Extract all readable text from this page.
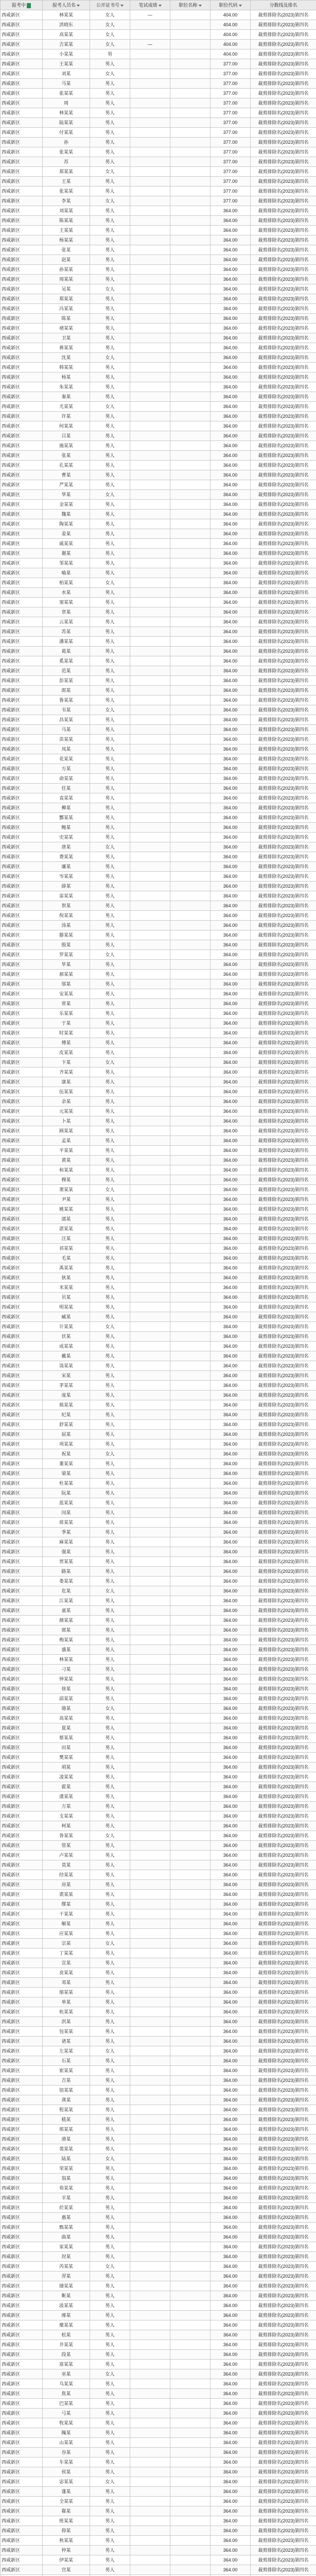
报考中	报考人员名	公开证书号	笔试成绩	职位名称	职位代码	分数线及排名
西咸新区	林某某	女人	—		404.00	裁剪排除名(2023)第四名
西咸新区	洪晓东	女人			404.00	裁剪排除名(2023)第四名
西咸新区	高某某	女人			404.00	裁剪排除名(2023)第四名
西咸新区	吉某某	女人	—		404.00	裁剪排除名(2023)第四名
西咸新区	小某某	男			404.00	裁剪排除名(2023)第四名
西咸新区	王某某	男人			377.00	裁剪排除名(2023)第四名
西咸新区	刘某	女人			377.00	裁剪排除名(2023)第四名
西咸新区	马某	男人			377.00	裁剪排除名(2023)第四名
西咸新区	张某某	男人			377.00	裁剪排除名(2023)第四名
西咸新区	周	男人			377.00	裁剪排除名(2023)第四名
西咸新区	林某某	男人			377.00	裁剪排除名(2023)第四名
西咸新区	陆某某	男人			377.00	裁剪排除名(2023)第四名
西咸新区	付某某	男人			377.00	裁剪排除名(2023)第四名
西咸新区	孙	男人			377.00	裁剪排除名(2023)第四名
西咸新区	张某某	男人			377.00	裁剪排除名(2023)第四名
西咸新区	苏	男人			377.00	裁剪排除名(2023)第四名
西咸新区	郑某某	女人			377.00	裁剪排除名(2023)第四名
西咸新区	王某	男人			377.00	裁剪排除名(2023)第四名
西咸新区	张某某	男人			377.00	裁剪排除名(2023)第四名
西咸新区	李某	女人			377.00	裁剪排除名(2023)第四名
西咸新区	刘某某	男人			364.00	裁剪排除名(2023)第四名
西咸新区	陈某某	男人			364.00	裁剪排除名(2023)第四名
西咸新区	王某某	男人			364.00	裁剪排除名(2023)第四名
西咸新区	杨某某	男人			364.00	裁剪排除名(2023)第四名
西咸新区	张某	男人			364.00	裁剪排除名(2023)第四名
西咸新区	赵某	男人			364.00	裁剪排除名(2023)第四名
西咸新区	孙某某	男人			364.00	裁剪排除名(2023)第四名
西咸新区	周某某	男人			364.00	裁剪排除名(2023)第四名
西咸新区	吴某	女人			364.00	裁剪排除名(2023)第四名
西咸新区	郑某某	男人			364.00	裁剪排除名(2023)第四名
西咸新区	冯某某	男人			364.00	裁剪排除名(2023)第四名
西咸新区	陈某	男人			364.00	裁剪排除名(2023)第四名
西咸新区	褚某某	男人			364.00	裁剪排除名(2023)第四名
西咸新区	卫某	男人			364.00	裁剪排除名(2023)第四名
西咸新区	蒋某某	男人			364.00	裁剪排除名(2023)第四名
西咸新区	沈某	女人			364.00	裁剪排除名(2023)第四名
西咸新区	韩某某	男人			364.00	裁剪排除名(2023)第四名
西咸新区	杨某	男人			364.00	裁剪排除名(2023)第四名
西咸新区	朱某某	男人			364.00	裁剪排除名(2023)第四名
西咸新区	秦某	男人			364.00	裁剪排除名(2023)第四名
西咸新区	尤某某	女人			364.00	裁剪排除名(2023)第四名
西咸新区	许某	男人			364.00	裁剪排除名(2023)第四名
西咸新区	何某某	男人			364.00	裁剪排除名(2023)第四名
西咸新区	吕某	男人			364.00	裁剪排除名(2023)第四名
西咸新区	施某某	男人			364.00	裁剪排除名(2023)第四名
西咸新区	张某	男人			364.00	裁剪排除名(2023)第四名
西咸新区	孔某某	男人			364.00	裁剪排除名(2023)第四名
西咸新区	曹某	男人			364.00	裁剪排除名(2023)第四名
西咸新区	严某某	男人			364.00	裁剪排除名(2023)第四名
西咸新区	华某	女人			364.00	裁剪排除名(2023)第四名
西咸新区	金某某	男人			364.00	裁剪排除名(2023)第四名
西咸新区	魏某	男人			364.00	裁剪排除名(2023)第四名
西咸新区	陶某某	男人			364.00	裁剪排除名(2023)第四名
西咸新区	姜某	男人			364.00	裁剪排除名(2023)第四名
西咸新区	戚某某	男人			364.00	裁剪排除名(2023)第四名
西咸新区	谢某	男人			364.00	裁剪排除名(2023)第四名
西咸新区	邹某某	男人			364.00	裁剪排除名(2023)第四名
西咸新区	喻某	男人			364.00	裁剪排除名(2023)第四名
西咸新区	柏某某	女人			364.00	裁剪排除名(2023)第四名
西咸新区	水某	男人			364.00	裁剪排除名(2023)第四名
西咸新区	窦某某	男人			364.00	裁剪排除名(2023)第四名
西咸新区	章某	男人			364.00	裁剪排除名(2023)第四名
西咸新区	云某某	男人			364.00	裁剪排除名(2023)第四名
西咸新区	苏某	男人			364.00	裁剪排除名(2023)第四名
西咸新区	潘某某	男人			364.00	裁剪排除名(2023)第四名
西咸新区	葛某	男人			364.00	裁剪排除名(2023)第四名
西咸新区	奚某某	男人			364.00	裁剪排除名(2023)第四名
西咸新区	范某	男人			364.00	裁剪排除名(2023)第四名
西咸新区	彭某某	男人			364.00	裁剪排除名(2023)第四名
西咸新区	郎某	男人			364.00	裁剪排除名(2023)第四名
西咸新区	鲁某某	男人			364.00	裁剪排除名(2023)第四名
西咸新区	韦某	女人			364.00	裁剪排除名(2023)第四名
西咸新区	昌某某	男人			364.00	裁剪排除名(2023)第四名
西咸新区	马某	男人			364.00	裁剪排除名(2023)第四名
西咸新区	苗某某	男人			364.00	裁剪排除名(2023)第四名
西咸新区	凤某	男人			364.00	裁剪排除名(2023)第四名
西咸新区	花某某	男人			364.00	裁剪排除名(2023)第四名
西咸新区	方某	男人			364.00	裁剪排除名(2023)第四名
西咸新区	俞某某	男人			364.00	裁剪排除名(2023)第四名
西咸新区	任某	男人			364.00	裁剪排除名(2023)第四名
西咸新区	袁某某	男人			364.00	裁剪排除名(2023)第四名
西咸新区	柳某	男人			364.00	裁剪排除名(2023)第四名
西咸新区	酆某某	男人			364.00	裁剪排除名(2023)第四名
西咸新区	鲍某	男人			364.00	裁剪排除名(2023)第四名
西咸新区	史某某	男人			364.00	裁剪排除名(2023)第四名
西咸新区	唐某	女人			364.00	裁剪排除名(2023)第四名
西咸新区	费某某	男人			364.00	裁剪排除名(2023)第四名
西咸新区	廉某	男人			364.00	裁剪排除名(2023)第四名
西咸新区	岑某某	男人			364.00	裁剪排除名(2023)第四名
西咸新区	薛某	男人			364.00	裁剪排除名(2023)第四名
西咸新区	雷某某	男人			364.00	裁剪排除名(2023)第四名
西咸新区	贺某	男人			364.00	裁剪排除名(2023)第四名
西咸新区	倪某某	男人			364.00	裁剪排除名(2023)第四名
西咸新区	汤某	男人			364.00	裁剪排除名(2023)第四名
西咸新区	滕某某	男人			364.00	裁剪排除名(2023)第四名
西咸新区	殷某	男人			364.00	裁剪排除名(2023)第四名
西咸新区	罗某某	女人			364.00	裁剪排除名(2023)第四名
西咸新区	毕某	男人			364.00	裁剪排除名(2023)第四名
西咸新区	郝某某	男人			364.00	裁剪排除名(2023)第四名
西咸新区	邬某	男人			364.00	裁剪排除名(2023)第四名
西咸新区	安某某	男人			364.00	裁剪排除名(2023)第四名
西咸新区	常某	男人			364.00	裁剪排除名(2023)第四名
西咸新区	乐某某	男人			364.00	裁剪排除名(2023)第四名
西咸新区	于某	男人			364.00	裁剪排除名(2023)第四名
西咸新区	时某某	男人			364.00	裁剪排除名(2023)第四名
西咸新区	傅某	男人			364.00	裁剪排除名(2023)第四名
西咸新区	皮某某	男人			364.00	裁剪排除名(2023)第四名
西咸新区	卞某	女人			364.00	裁剪排除名(2023)第四名
西咸新区	齐某某	男人			364.00	裁剪排除名(2023)第四名
西咸新区	康某	男人			364.00	裁剪排除名(2023)第四名
西咸新区	伍某某	男人			364.00	裁剪排除名(2023)第四名
西咸新区	余某	男人			364.00	裁剪排除名(2023)第四名
西咸新区	元某某	男人			364.00	裁剪排除名(2023)第四名
西咸新区	卜某	男人			364.00	裁剪排除名(2023)第四名
西咸新区	顾某某	男人			364.00	裁剪排除名(2023)第四名
西咸新区	孟某	男人			364.00	裁剪排除名(2023)第四名
西咸新区	平某某	男人			364.00	裁剪排除名(2023)第四名
西咸新区	黄某	男人			364.00	裁剪排除名(2023)第四名
西咸新区	和某某	男人			364.00	裁剪排除名(2023)第四名
西咸新区	穆某	男人			364.00	裁剪排除名(2023)第四名
西咸新区	萧某某	女人			364.00	裁剪排除名(2023)第四名
西咸新区	尹某	男人			364.00	裁剪排除名(2023)第四名
西咸新区	姚某某	男人			364.00	裁剪排除名(2023)第四名
西咸新区	邵某	男人			364.00	裁剪排除名(2023)第四名
西咸新区	湛某某	男人			364.00	裁剪排除名(2023)第四名
西咸新区	汪某	男人			364.00	裁剪排除名(2023)第四名
西咸新区	祁某某	男人			364.00	裁剪排除名(2023)第四名
西咸新区	毛某	男人			364.00	裁剪排除名(2023)第四名
西咸新区	禹某某	男人			364.00	裁剪排除名(2023)第四名
西咸新区	狄某	男人			364.00	裁剪排除名(2023)第四名
西咸新区	米某某	男人			364.00	裁剪排除名(2023)第四名
西咸新区	贝某	男人			364.00	裁剪排除名(2023)第四名
西咸新区	明某某	男人			364.00	裁剪排除名(2023)第四名
西咸新区	臧某	男人			364.00	裁剪排除名(2023)第四名
西咸新区	计某某	女人			364.00	裁剪排除名(2023)第四名
西咸新区	伏某	男人			364.00	裁剪排除名(2023)第四名
西咸新区	成某某	男人			364.00	裁剪排除名(2023)第四名
西咸新区	戴某	男人			364.00	裁剪排除名(2023)第四名
西咸新区	谈某某	男人			364.00	裁剪排除名(2023)第四名
西咸新区	宋某	男人			364.00	裁剪排除名(2023)第四名
西咸新区	茅某某	男人			364.00	裁剪排除名(2023)第四名
西咸新区	庞某	男人			364.00	裁剪排除名(2023)第四名
西咸新区	熊某某	男人			364.00	裁剪排除名(2023)第四名
西咸新区	纪某	男人			364.00	裁剪排除名(2023)第四名
西咸新区	舒某某	男人			364.00	裁剪排除名(2023)第四名
西咸新区	屈某	男人			364.00	裁剪排除名(2023)第四名
西咸新区	项某某	男人			364.00	裁剪排除名(2023)第四名
西咸新区	祝某	女人			364.00	裁剪排除名(2023)第四名
西咸新区	董某某	男人			364.00	裁剪排除名(2023)第四名
西咸新区	梁某	男人			364.00	裁剪排除名(2023)第四名
西咸新区	杜某某	男人			364.00	裁剪排除名(2023)第四名
西咸新区	阮某	男人			364.00	裁剪排除名(2023)第四名
西咸新区	蓝某某	男人			364.00	裁剪排除名(2023)第四名
西咸新区	闵某	男人			364.00	裁剪排除名(2023)第四名
西咸新区	席某某	男人			364.00	裁剪排除名(2023)第四名
西咸新区	季某	男人			364.00	裁剪排除名(2023)第四名
西咸新区	麻某某	男人			364.00	裁剪排除名(2023)第四名
西咸新区	强某	男人			364.00	裁剪排除名(2023)第四名
西咸新区	贾某某	男人			364.00	裁剪排除名(2023)第四名
西咸新区	路某	男人			364.00	裁剪排除名(2023)第四名
西咸新区	娄某某	男人			364.00	裁剪排除名(2023)第四名
西咸新区	危某	女人			364.00	裁剪排除名(2023)第四名
西咸新区	江某某	男人			364.00	裁剪排除名(2023)第四名
西咸新区	童某	男人			364.00	裁剪排除名(2023)第四名
西咸新区	颜某某	男人			364.00	裁剪排除名(2023)第四名
西咸新区	郭某	男人			364.00	裁剪排除名(2023)第四名
西咸新区	梅某某	男人			364.00	裁剪排除名(2023)第四名
西咸新区	盛某	男人			364.00	裁剪排除名(2023)第四名
西咸新区	林某某	男人			364.00	裁剪排除名(2023)第四名
西咸新区	刁某	男人			364.00	裁剪排除名(2023)第四名
西咸新区	钟某某	男人			364.00	裁剪排除名(2023)第四名
西咸新区	徐某	男人			364.00	裁剪排除名(2023)第四名
西咸新区	邱某某	男人			364.00	裁剪排除名(2023)第四名
西咸新区	骆某	女人			364.00	裁剪排除名(2023)第四名
西咸新区	高某某	男人			364.00	裁剪排除名(2023)第四名
西咸新区	夏某	男人			364.00	裁剪排除名(2023)第四名
西咸新区	蔡某某	男人			364.00	裁剪排除名(2023)第四名
西咸新区	田某	男人			364.00	裁剪排除名(2023)第四名
西咸新区	樊某某	男人			364.00	裁剪排除名(2023)第四名
西咸新区	胡某	男人			364.00	裁剪排除名(2023)第四名
西咸新区	凌某某	男人			364.00	裁剪排除名(2023)第四名
西咸新区	霍某	男人			364.00	裁剪排除名(2023)第四名
西咸新区	虞某某	男人			364.00	裁剪排除名(2023)第四名
西咸新区	万某	男人			364.00	裁剪排除名(2023)第四名
西咸新区	支某某	男人			364.00	裁剪排除名(2023)第四名
西咸新区	柯某	男人			364.00	裁剪排除名(2023)第四名
西咸新区	昝某某	女人			364.00	裁剪排除名(2023)第四名
西咸新区	管某	男人			364.00	裁剪排除名(2023)第四名
西咸新区	卢某某	男人			364.00	裁剪排除名(2023)第四名
西咸新区	莫某	男人			364.00	裁剪排除名(2023)第四名
西咸新区	经某某	男人			364.00	裁剪排除名(2023)第四名
西咸新区	房某	男人			364.00	裁剪排除名(2023)第四名
西咸新区	裘某某	男人			364.00	裁剪排除名(2023)第四名
西咸新区	缪某	男人			364.00	裁剪排除名(2023)第四名
西咸新区	干某某	男人			364.00	裁剪排除名(2023)第四名
西咸新区	解某	男人			364.00	裁剪排除名(2023)第四名
西咸新区	应某某	男人			364.00	裁剪排除名(2023)第四名
西咸新区	宗某	女人			364.00	裁剪排除名(2023)第四名
西咸新区	丁某某	男人			364.00	裁剪排除名(2023)第四名
西咸新区	宣某	男人			364.00	裁剪排除名(2023)第四名
西咸新区	贲某某	男人			364.00	裁剪排除名(2023)第四名
西咸新区	邓某	男人			364.00	裁剪排除名(2023)第四名
西咸新区	郁某某	男人			364.00	裁剪排除名(2023)第四名
西咸新区	单某	男人			364.00	裁剪排除名(2023)第四名
西咸新区	杭某某	男人			364.00	裁剪排除名(2023)第四名
西咸新区	洪某	男人			364.00	裁剪排除名(2023)第四名
西咸新区	包某某	男人			364.00	裁剪排除名(2023)第四名
西咸新区	诸某	男人			364.00	裁剪排除名(2023)第四名
西咸新区	左某某	女人			364.00	裁剪排除名(2023)第四名
西咸新区	石某	男人			364.00	裁剪排除名(2023)第四名
西咸新区	崔某某	男人			364.00	裁剪排除名(2023)第四名
西咸新区	吉某	男人			364.00	裁剪排除名(2023)第四名
西咸新区	钮某某	男人			364.00	裁剪排除名(2023)第四名
西咸新区	龚某	男人			364.00	裁剪排除名(2023)第四名
西咸新区	程某某	男人			364.00	裁剪排除名(2023)第四名
西咸新区	嵇某	男人			364.00	裁剪排除名(2023)第四名
西咸新区	邢某某	男人			364.00	裁剪排除名(2023)第四名
西咸新区	滑某	男人			364.00	裁剪排除名(2023)第四名
西咸新区	裴某某	男人			364.00	裁剪排除名(2023)第四名
西咸新区	陆某	女人			364.00	裁剪排除名(2023)第四名
西咸新区	荣某某	男人			364.00	裁剪排除名(2023)第四名
西咸新区	翁某	男人			364.00	裁剪排除名(2023)第四名
西咸新区	荀某某	男人			364.00	裁剪排除名(2023)第四名
西咸新区	羊某	男人			364.00	裁剪排除名(2023)第四名
西咸新区	於某某	男人			364.00	裁剪排除名(2023)第四名
西咸新区	惠某	男人			364.00	裁剪排除名(2023)第四名
西咸新区	甄某某	男人			364.00	裁剪排除名(2023)第四名
西咸新区	曲某	男人			364.00	裁剪排除名(2023)第四名
西咸新区	家某某	男人			364.00	裁剪排除名(2023)第四名
西咸新区	封某	男人			364.00	裁剪排除名(2023)第四名
西咸新区	芮某某	女人			364.00	裁剪排除名(2023)第四名
西咸新区	羿某	男人			364.00	裁剪排除名(2023)第四名
西咸新区	储某某	男人			364.00	裁剪排除名(2023)第四名
西咸新区	靳某	男人			364.00	裁剪排除名(2023)第四名
西咸新区	汲某某	男人			364.00	裁剪排除名(2023)第四名
西咸新区	邴某	男人			364.00	裁剪排除名(2023)第四名
西咸新区	糜某某	男人			364.00	裁剪排除名(2023)第四名
西咸新区	松某	男人			364.00	裁剪排除名(2023)第四名
西咸新区	井某某	男人			364.00	裁剪排除名(2023)第四名
西咸新区	段某	男人			364.00	裁剪排除名(2023)第四名
西咸新区	富某某	男人			364.00	裁剪排除名(2023)第四名
西咸新区	巫某	女人			364.00	裁剪排除名(2023)第四名
西咸新区	乌某某	男人			364.00	裁剪排除名(2023)第四名
西咸新区	焦某	男人			364.00	裁剪排除名(2023)第四名
西咸新区	巴某某	男人			364.00	裁剪排除名(2023)第四名
西咸新区	弓某	男人			364.00	裁剪排除名(2023)第四名
西咸新区	牧某某	男人			364.00	裁剪排除名(2023)第四名
西咸新区	隗某	男人			364.00	裁剪排除名(2023)第四名
西咸新区	山某某	男人			364.00	裁剪排除名(2023)第四名
西咸新区	谷某	男人			364.00	裁剪排除名(2023)第四名
西咸新区	车某某	男人			364.00	裁剪排除名(2023)第四名
西咸新区	侯某	男人			364.00	裁剪排除名(2023)第四名
西咸新区	宓某某	女人			364.00	裁剪排除名(2023)第四名
西咸新区	蓬某	男人			364.00	裁剪排除名(2023)第四名
西咸新区	全某某	男人			364.00	裁剪排除名(2023)第四名
西咸新区	郗某	男人			364.00	裁剪排除名(2023)第四名
西咸新区	班某某	男人			364.00	裁剪排除名(2023)第四名
西咸新区	仰某	男人			364.00	裁剪排除名(2023)第四名
西咸新区	秋某某	男人			364.00	裁剪排除名(2023)第四名
西咸新区	仲某	男人			364.00	裁剪排除名(2023)第四名
西咸新区	伊某某	男人			364.00	裁剪排除名(2023)第四名
西咸新区	宫某	男人			364.00	裁剪排除名(2023)第四名
